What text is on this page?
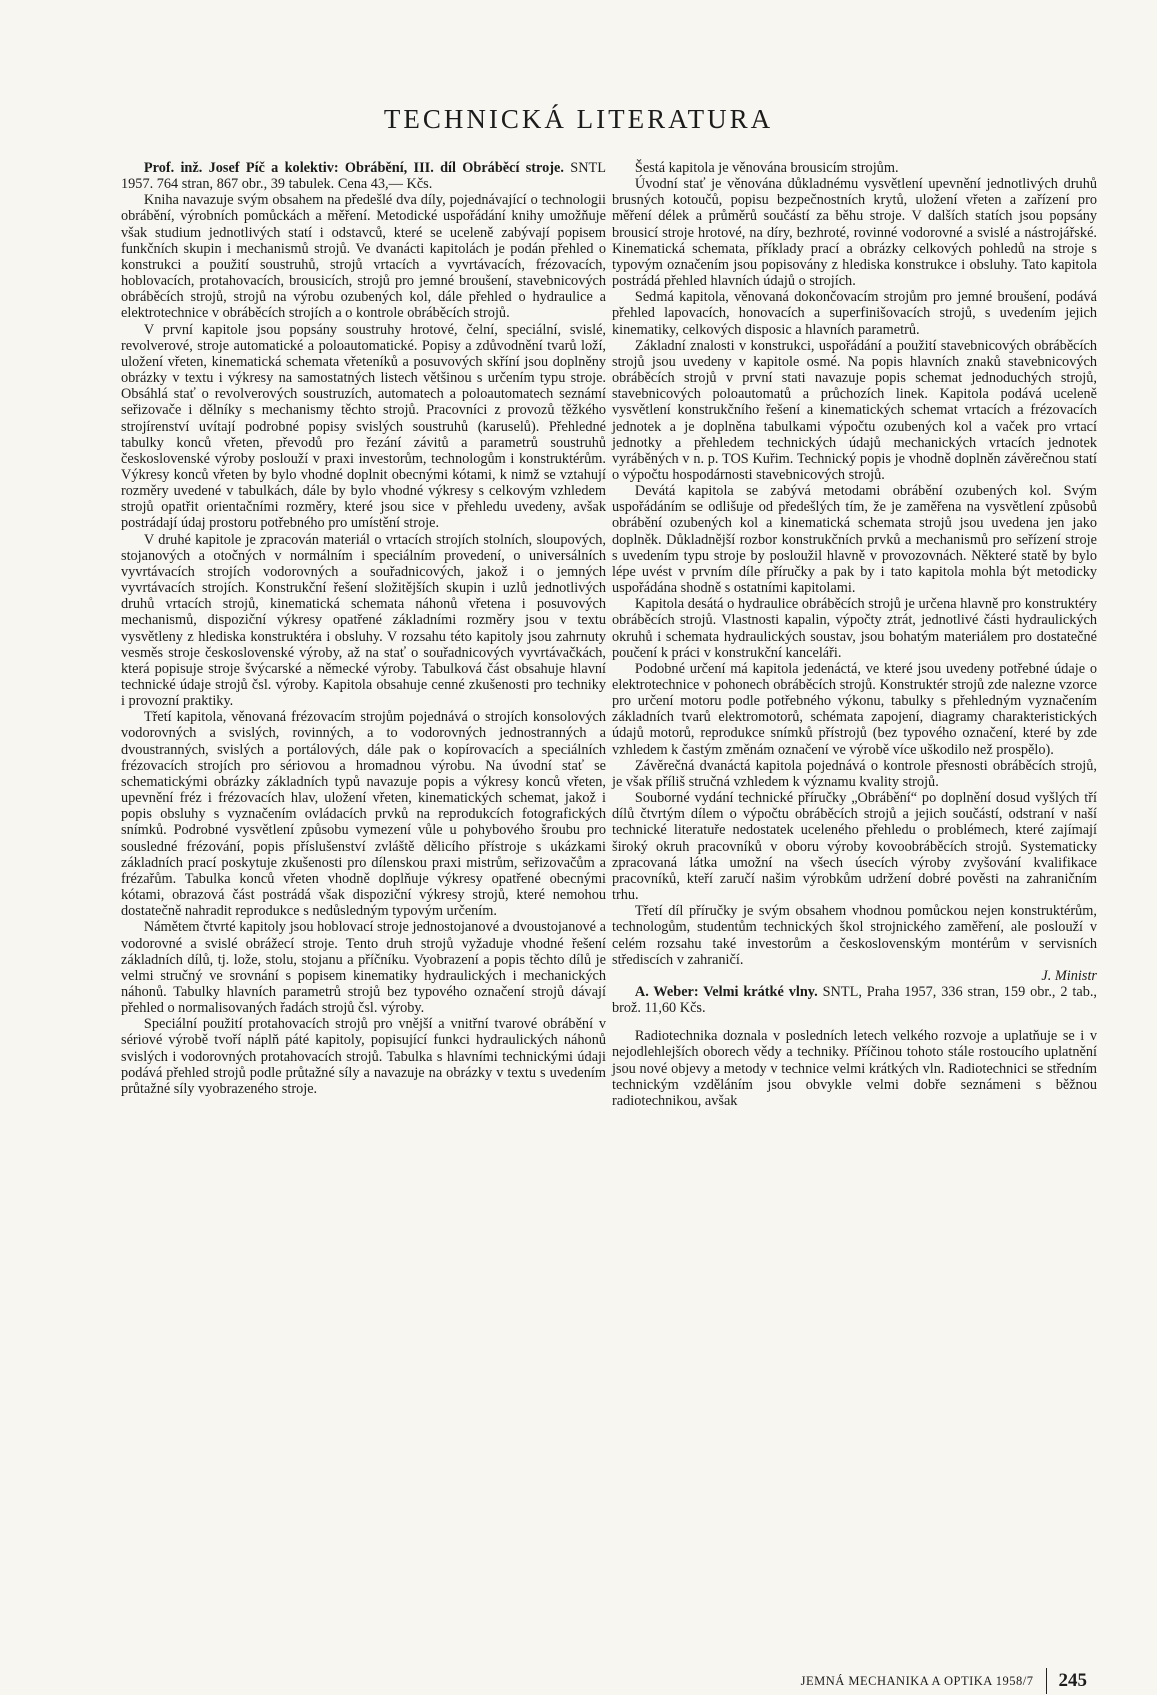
TECHNICKÁ LITERATURA

Prof. inž. Josef Píč a kolektiv: Obrábění, III. díl Obráběcí stroje. SNTL 1957. 764 stran, 867 obr., 39 tabulek. Cena 43,— Kčs.

Kniha navazuje svým obsahem na předešlé dva díly, pojednávající o technologii obrábění, výrobních pomůckách a měření. Metodické uspořádání knihy umožňuje však studium jednotlivých statí i odstavců, které se uceleně zabývají popisem funkčních skupin i mechanismů strojů. Ve dvanácti kapitolách je podán přehled o konstrukci a použití soustruhů, strojů vrtacích a vyvrtávacích, frézovacích, hoblovacích, protahovacích, brousicích, strojů pro jemné broušení, stavebnicových obráběcích strojů, strojů na výrobu ozubených kol, dále přehled o hydraulice a elektrotechnice v obráběcích strojích a o kontrole obráběcích strojů.

V první kapitole jsou popsány soustruhy hrotové, čelní, speciální, svislé, revolverové, stroje automatické a poloautomatické. Popisy a zdůvodnění tvarů loží, uložení vřeten, kinematická schemata vřeteníků a posuvových skříní jsou doplněny obrázky v textu i výkresy na samostatných listech většinou s určením typu stroje. Obsáhlá stať o revolverových soustruzích, automatech a poloautomatech seznámí seřizovače i dělníky s mechanismy těchto strojů. Pracovníci z provozů těžkého strojírenství uvítají podrobné popisy svislých soustruhů (karuselů). Přehledné tabulky konců vřeten, převodů pro řezání závitů a parametrů soustruhů československé výroby poslouží v praxi investorům, technologům i konstruktérům. Výkresy konců vřeten by bylo vhodné doplnit obecnými kótami, k nimž se vztahují rozměry uvedené v tabulkách, dále by bylo vhodné výkresy s celkovým vzhledem strojů opatřit orientačními rozměry, které jsou sice v přehledu uvedeny, avšak postrádají údaj prostoru potřebného pro umístění stroje.

V druhé kapitole je zpracován materiál o vrtacích strojích stolních, sloupových, stojanových a otočných v normálním i speciálním provedení, o universálních vyvrtávacích strojích vodorovných a souřadnicových, jakož i o jemných vyvrtávacích strojích. Konstrukční řešení složitějších skupin i uzlů jednotlivých druhů vrtacích strojů, kinematická schemata náhonů vřetena i posuvových mechanismů, dispoziční výkresy opatřené základními rozměry jsou v textu vysvětleny z hlediska konstruktéra i obsluhy. V rozsahu této kapitoly jsou zahrnuty vesměs stroje československé výroby, až na stať o souřadnicových vyvrtávačkách, která popisuje stroje švýcarské a německé výroby. Tabulková část obsahuje hlavní technické údaje strojů čsl. výroby. Kapitola obsahuje cenné zkušenosti pro techniky i provozní praktiky.

Třetí kapitola, věnovaná frézovacím strojům pojednává o strojích konsolových vodorovných a svislých, rovinných, a to vodorovných jednostranných a dvoustranných, svislých a portálových, dále pak o kopírovacích a speciálních frézovacích strojích pro sériovou a hromadnou výrobu. Na úvodní stať se schematickými obrázky základních typů navazuje popis a výkresy konců vřeten, upevnění fréz i frézovacích hlav, uložení vřeten, kinematických schemat, jakož i popis obsluhy s vyznačením ovládacích prvků na reprodukcích fotografických snímků. Podrobné vysvětlení způsobu vymezení vůle u pohybového šroubu pro sousledné frézování, popis příslušenství zvláště dělicího přístroje s ukázkami základních prací poskytuje zkušenosti pro dílenskou praxi mistrům, seřizovačům a frézařům. Tabulka konců vřeten vhodně doplňuje výkresy opatřené obecnými kótami, obrazová část postrádá však dispoziční výkresy strojů, které nemohou dostatečně nahradit reprodukce s nedůsledným typovým určením.

Námětem čtvrté kapitoly jsou hoblovací stroje jednostojanové a dvoustojanové a vodorovné a svislé obrážecí stroje. Tento druh strojů vyžaduje vhodné řešení základních dílů, tj. lože, stolu, stojanu a příčníku. Vyobrazení a popis těchto dílů je velmi stručný ve srovnání s popisem kinematiky hydraulických i mechanických náhonů. Tabulky hlavních parametrů strojů bez typového označení strojů dávají přehled o normalisovaných řadách strojů čsl. výroby.

Speciální použití protahovacích strojů pro vnější a vnitřní tvarové obrábění v sériové výrobě tvoří náplň páté kapitoly, popisující funkci hydraulických náhonů svislých i vodorovných protahovacích strojů. Tabulka s hlavními technickými údaji podává přehled strojů podle průtažné síly a navazuje na obrázky v textu s uvedením průtažné síly vyobrazeného stroje.

Šestá kapitola je věnována brousicím strojům.

Úvodní stať je věnována důkladnému vysvětlení upevnění jednotlivých druhů brusných kotoučů, popisu bezpečnostních krytů, uložení vřeten a zařízení pro měření délek a průměrů součástí za běhu stroje. V dalších statích jsou popsány brousicí stroje hrotové, na díry, bezhroté, rovinné vodorovné a svislé a nástrojářské. Kinematická schemata, příklady prací a obrázky celkových pohledů na stroje s typovým označením jsou popisovány z hlediska konstrukce i obsluhy. Tato kapitola postrádá přehled hlavních údajů o strojích.

Sedmá kapitola, věnovaná dokončovacím strojům pro jemné broušení, podává přehled lapovacích, honovacích a superfinišovacích strojů, s uvedením jejich kinematiky, celkových disposic a hlavních parametrů.

Základní znalosti v konstrukci, uspořádání a použití stavebnicových obráběcích strojů jsou uvedeny v kapitole osmé. Na popis hlavních znaků stavebnicových obráběcích strojů v první stati navazuje popis schemat jednoduchých strojů, stavebnicových poloautomatů a průchozích linek. Kapitola podává uceleně vysvětlení konstrukčního řešení a kinematických schemat vrtacích a frézovacích jednotek a je doplněna tabulkami výpočtu ozubených kol a vaček pro vrtací jednotky a přehledem technických údajů mechanických vrtacích jednotek vyráběných v n. p. TOS Kuřim. Technický popis je vhodně doplněn závěrečnou statí o výpočtu hospodárnosti stavebnicových strojů.

Devátá kapitola se zabývá metodami obrábění ozubených kol. Svým uspořádáním se odlišuje od předešlých tím, že je zaměřena na vysvětlení způsobů obrábění ozubených kol a kinematická schemata strojů jsou uvedena jen jako doplněk. Důkladnější rozbor konstrukčních prvků a mechanismů pro seřízení stroje s uvedením typu stroje by posloužil hlavně v provozovnách. Některé statě by bylo lépe uvést v prvním díle příručky a pak by i tato kapitola mohla být metodicky uspořádána shodně s ostatními kapitolami.

Kapitola desátá o hydraulice obráběcích strojů je určena hlavně pro konstruktéry obráběcích strojů. Vlastnosti kapalin, výpočty ztrát, jednotlivé části hydraulických okruhů i schemata hydraulických soustav, jsou bohatým materiálem pro dostatečné poučení k práci v konstrukční kanceláři.

Podobné určení má kapitola jedenáctá, ve které jsou uvedeny potřebné údaje o elektrotechnice v pohonech obráběcích strojů. Konstruktér strojů zde nalezne vzorce pro určení motoru podle potřebného výkonu, tabulky s přehledným vyznačením základních tvarů elektromotorů, schémata zapojení, diagramy charakteristických údajů motorů, reprodukce snímků přístrojů (bez typového označení, které by zde vzhledem k častým změnám označení ve výrobě více uškodilo než prospělo).

Závěrečná dvanáctá kapitola pojednává o kontrole přesnosti obráběcích strojů, je však příliš stručná vzhledem k významu kvality strojů.

Souborné vydání technické příručky „Obrábění“ po doplnění dosud vyšlých tří dílů čtvrtým dílem o výpočtu obráběcích strojů a jejich součástí, odstraní v naší technické literatuře nedostatek uceleného přehledu o problémech, které zajímají široký okruh pracovníků v oboru výroby kovoobráběcích strojů. Systematicky zpracovaná látka umožní na všech úsecích výroby zvyšování kvalifikace pracovníků, kteří zaručí našim výrobkům udržení dobré pověsti na zahraničním trhu.

Třetí díl příručky je svým obsahem vhodnou pomůckou nejen konstruktérům, technologům, studentům technických škol strojnického zaměření, ale poslouží v celém rozsahu také investorům a československým montérům v servisních střediscích v zahraničí.

J. Ministr

A. Weber: Velmi krátké vlny. SNTL, Praha 1957, 336 stran, 159 obr., 2 tab., brož. 11,60 Kčs.

Radiotechnika doznala v posledních letech velkého rozvoje a uplatňuje se i v nejodlehlejších oborech vědy a techniky. Příčinou tohoto stále rostoucího uplatnění jsou nové objevy a metody v technice velmi krátkých vln. Radiotechnici se středním technickým vzděláním jsou obvykle velmi dobře seznámeni s běžnou radiotechnikou, avšak

JEMNÁ MECHANIKA A OPTIKA 1958/7	245
